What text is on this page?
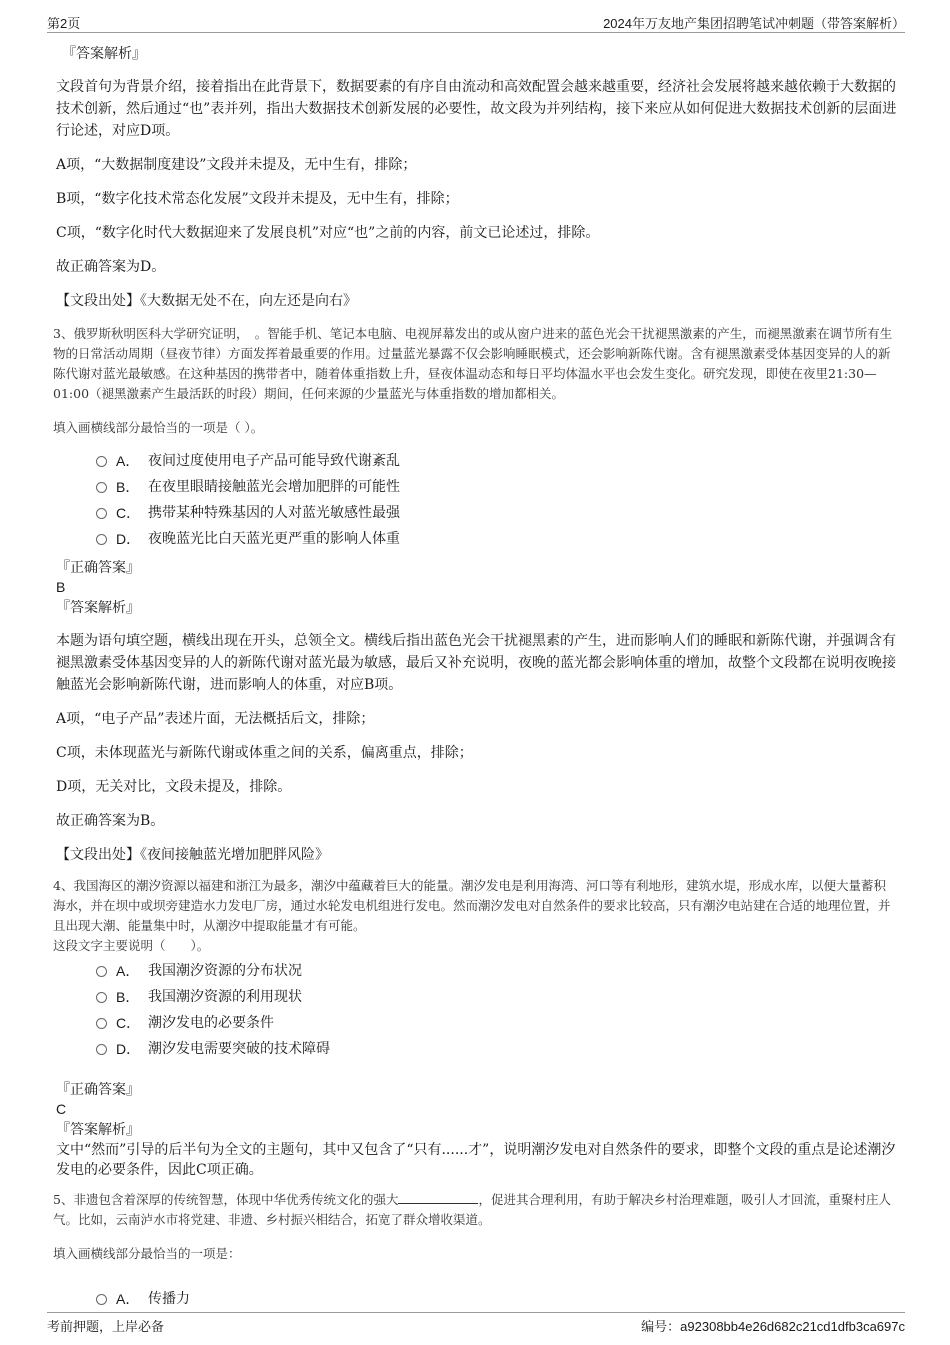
第2页	2024年万友地产集团招聘笔试冲刺题（带答案解析）
『答案解析』
文段首句为背景介绍，接着指出在此背景下，数据要素的有序自由流动和高效配置会越来越重要，经济社会发展将越来越依赖于大数据的技术创新，然后通过“也”表并列，指出大数据技术创新发展的必要性，故文段为并列结构，接下来应从如何促进大数据技术创新的层面进行论述，对应D项。
A项，“大数据制度建设”文段并未提及，无中生有，排除；
B项，“数字化技术常态化发展”文段并未提及，无中生有，排除；
C项，“数字化时代大数据迎来了发展良机”对应“也”之前的内容，前文已论述过，排除。
故正确答案为D。
【文段出处】《大数据无处不在，向左还是向右》
3、俄罗斯秋明医科大学研究证明，　。智能手机、笔记本电脑、电视屏幕发出的或从窗户进来的蓝色光会干扰褪黑激素的产生，而褪黑激素在调节所有生物的日常活动周期（昼夜节律）方面发挥着最重要的作用。过量蓝光暴露不仅会影响睡眠模式，还会影响新陈代谢。含有褪黑激素受体基因变异的人的新陈代谢对蓝光最敏感。在这种基因的携带者中，随着体重指数上升，昼夜体温动态和每日平均体温水平也会发生变化。研究发现，即使在夜里21:30—01:00（褪黑激素产生最活跃的时段）期间，任何来源的少量蓝光与体重指数的增加都相关。
填入画横线部分最恰当的一项是（ ）。
A． 夜间过度使用电子产品可能导致代谢紊乱
B． 在夜里眼睛接触蓝光会增加肥胖的可能性
C． 携带某种特殊基因的人对蓝光敏感性最强
D． 夜晚蓝光比白天蓝光更严重的影响人体重
『正确答案』
B
『答案解析』
本题为语句填空题，横线出现在开头，总领全文。横线后指出蓝色光会干扰褪黑素的产生，进而影响人们的睡眠和新陈代谢，并强调含有褪黑激素受体基因变异的人的新陈代谢对蓝光最为敏感，最后又补充说明，夜晚的蓝光都会影响体重的增加，故整个文段都在说明夜晚接触蓝光会影响新陈代谢，进而影响人的体重，对应B项。
A项，“电子产品”表述片面，无法概括后文，排除；
C项，未体现蓝光与新陈代谢或体重之间的关系，偏离重点，排除；
D项，无关对比，文段未提及，排除。
故正确答案为B。
【文段出处】《夜间接触蓝光增加肥胖风险》
4、我国海区的潮汐资源以福建和浙江为最多，潮汐中蕴藏着巨大的能量。潮汐发电是利用海湾、河口等有利地形，建筑水堤，形成水库，以便大量蓄积海水，并在坝中或坝旁建造水力发电厂房，通过水轮发电机组进行发电。然而潮汐发电对自然条件的要求比较高，只有潮汐电站建在合适的地理位置，并且出现大潮、能量集中时，从潮汐中提取能量才有可能。
这段文字主要说明（　　）。
A． 我国潮汐资源的分布状况
B． 我国潮汐资源的利用现状
C． 潮汐发电的必要条件
D． 潮汐发电需要突破的技术障碍
『正确答案』
C
『答案解析』
文中“然而”引导的后半句为全文的主题句，其中又包含了“只有......才”，说明潮汐发电对自然条件的要求，即整个文段的重点是论述潮汐发电的必要条件，因此C项正确。
5、非遗包含着深厚的传统智慧，体现中华优秀传统文化的强大	，促进其合理利用，有助于解决乡村治理难题，吸引人才回流，重聚村庄人气。比如，云南泸水市将党建、非遗、乡村振兴相结合，拓宽了群众增收渠道。
填入画横线部分最恰当的一项是：
A． 传播力
考前押题，上岸必备	编号：a92308bb4e26d682c21cd1dfb3ca697c
